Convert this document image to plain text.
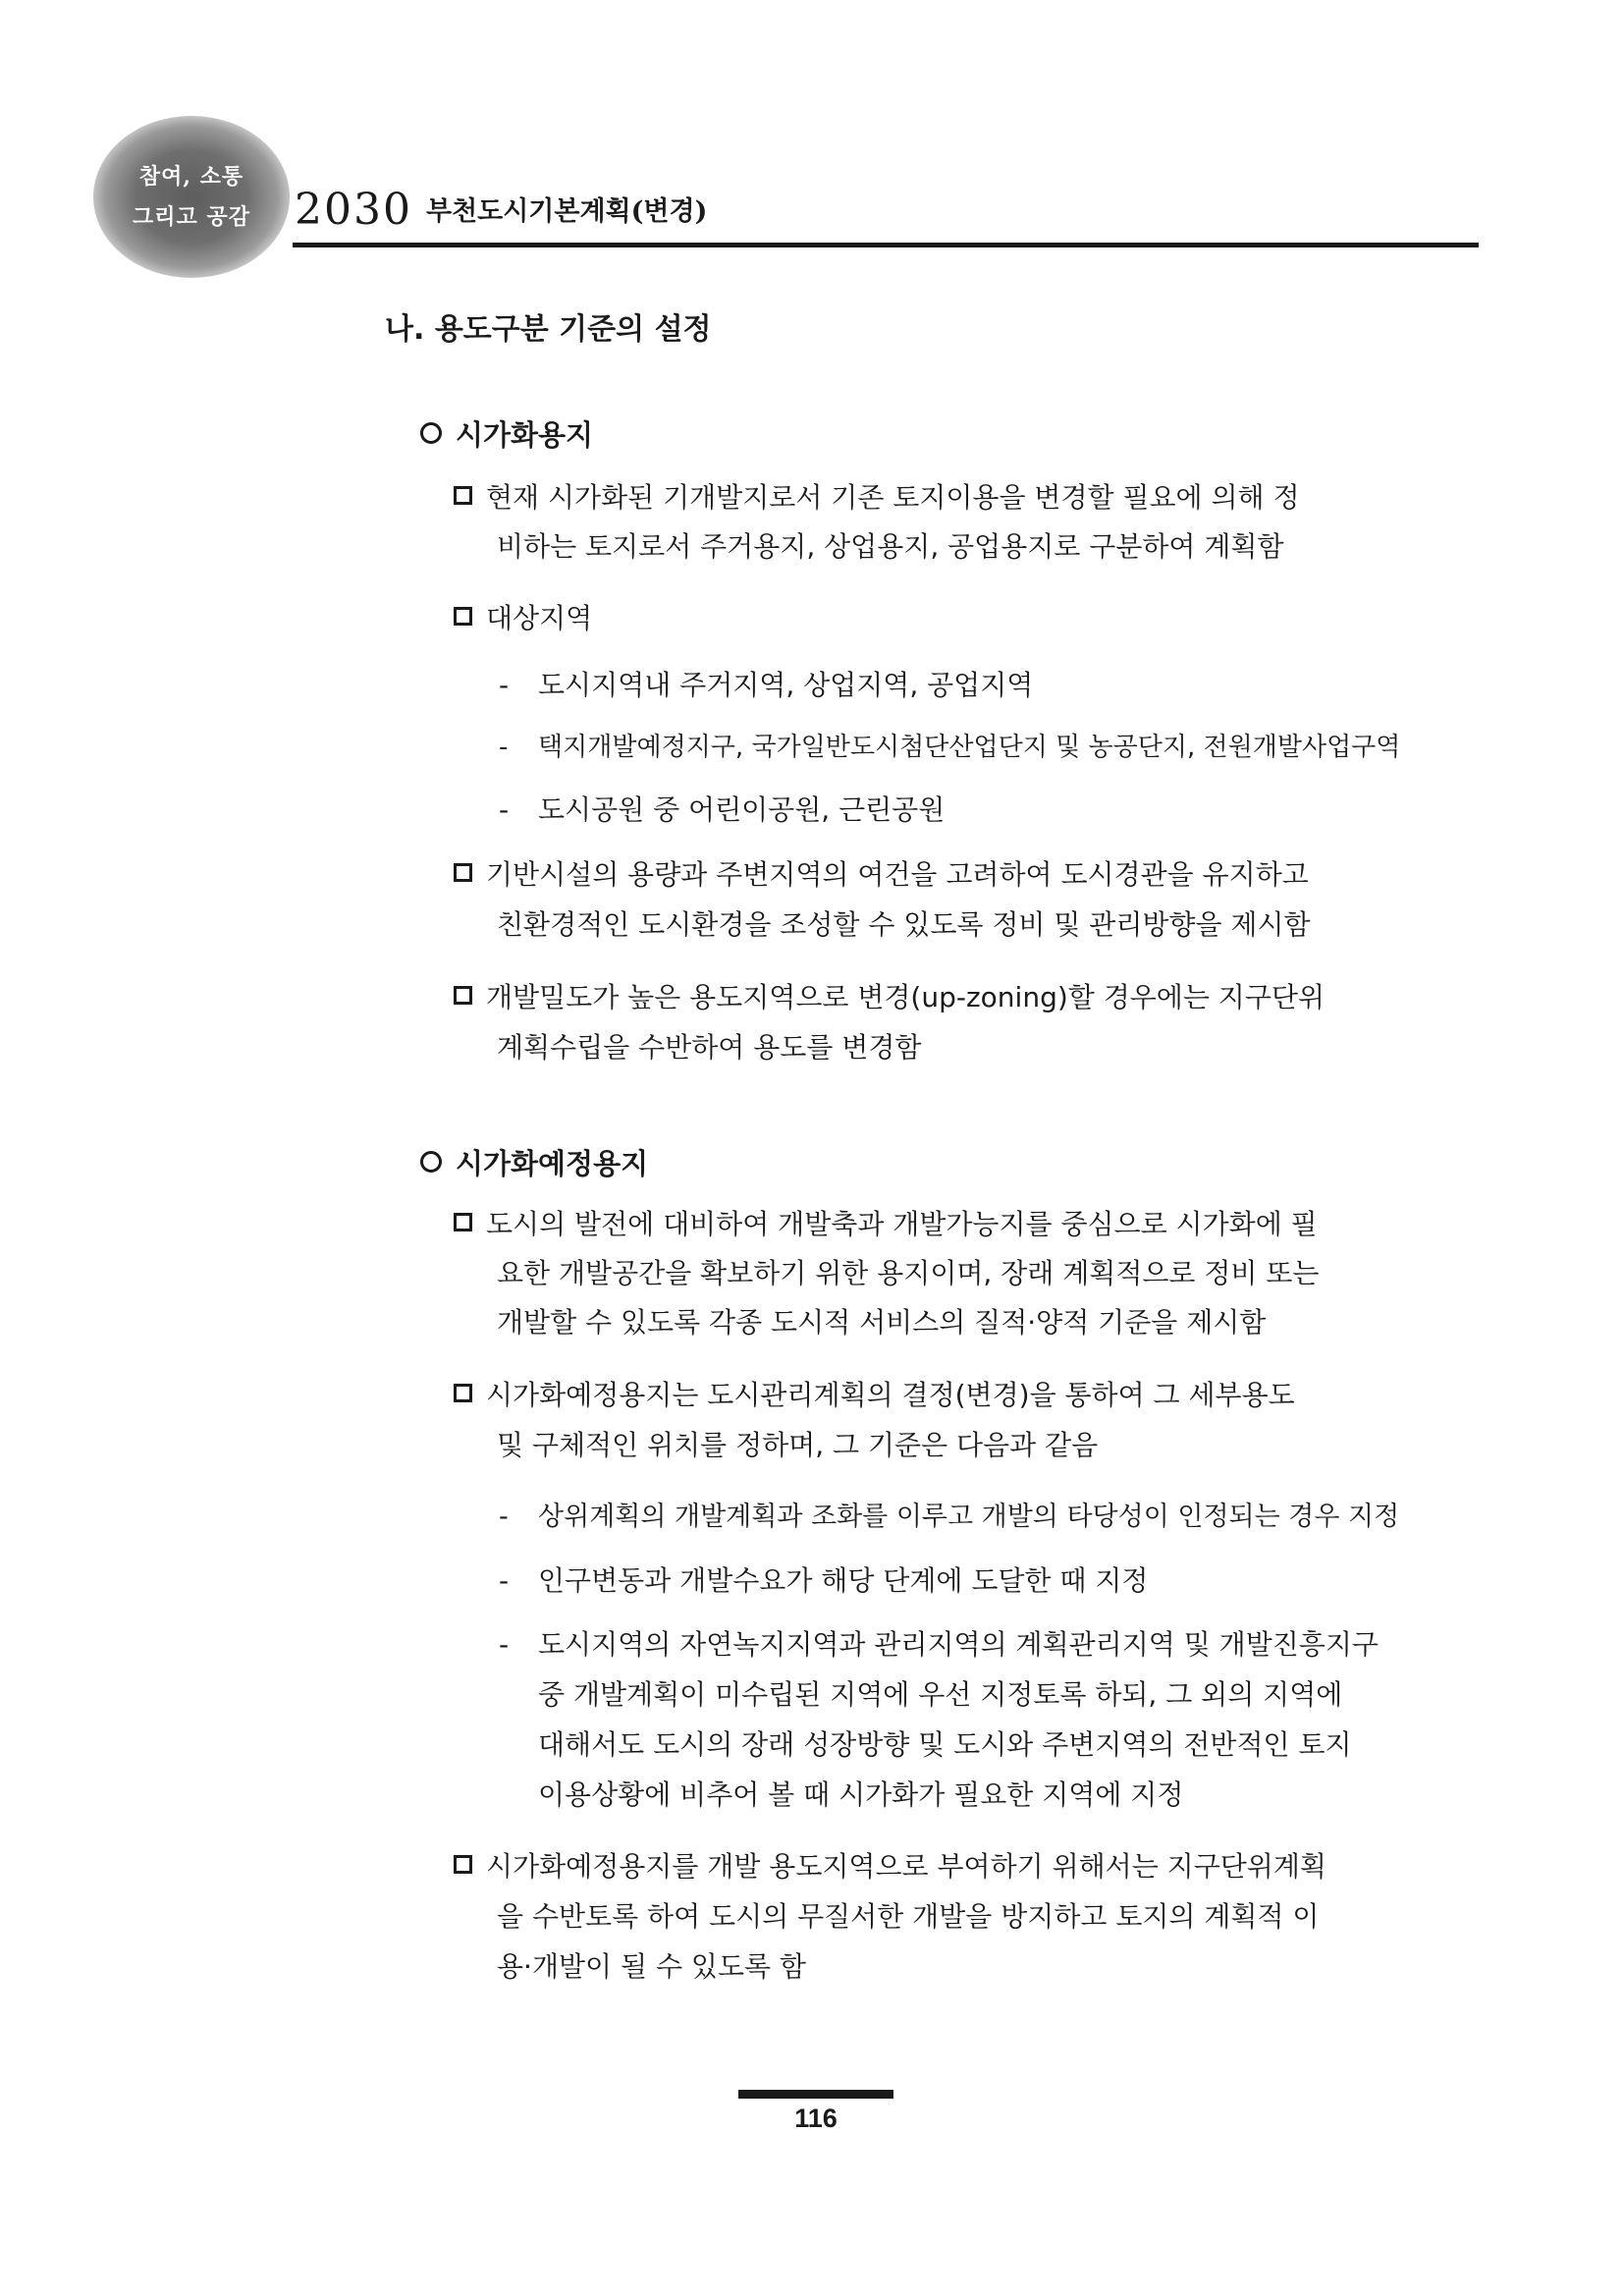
참여, 소통
그리고 공감	2030 부천도시기본계획(변경)
나. 용도구분 기준의 설정
시가화용지
현재 시가화된 기개발지로서 기존 토지이용을 변경할 필요에 의해 정
비하는 토지로서 주거용지, 상업용지, 공업용지로 구분하여 계획함
대상지역
- 도시지역내 주거지역, 상업지역, 공업지역
- 택지개발예정지구, 국가일반도시첨단산업단지 및 농공단지, 전원개발사업구역
- 도시공원 중 어린이공원, 근린공원
기반시설의 용량과 주변지역의 여건을 고려하여 도시경관을 유지하고
친환경적인 도시환경을 조성할 수 있도록 정비 및 관리방향을 제시함
개발밀도가 높은 용도지역으로 변경(up-zoning)할 경우에는 지구단위
계획수립을 수반하여 용도를 변경함
시가화예정용지
도시의 발전에 대비하여 개발축과 개발가능지를 중심으로 시가화에 필
요한 개발공간을 확보하기 위한 용지이며, 장래 계획적으로 정비 또는
개발할 수 있도록 각종 도시적 서비스의 질적·양적 기준을 제시함
시가화예정용지는 도시관리계획의 결정(변경)을 통하여 그 세부용도
및 구체적인 위치를 정하며, 그 기준은 다음과 같음
- 상위계획의 개발계획과 조화를 이루고 개발의 타당성이 인정되는 경우 지정
- 인구변동과 개발수요가 해당 단계에 도달한 때 지정
- 도시지역의 자연녹지지역과 관리지역의 계획관리지역 및 개발진흥지구
중 개발계획이 미수립된 지역에 우선 지정토록 하되, 그 외의 지역에
대해서도 도시의 장래 성장방향 및 도시와 주변지역의 전반적인 토지
이용상황에 비추어 볼 때 시가화가 필요한 지역에 지정
시가화예정용지를 개발 용도지역으로 부여하기 위해서는 지구단위계획
을 수반토록 하여 도시의 무질서한 개발을 방지하고 토지의 계획적 이
용·개발이 될 수 있도록 함
116
